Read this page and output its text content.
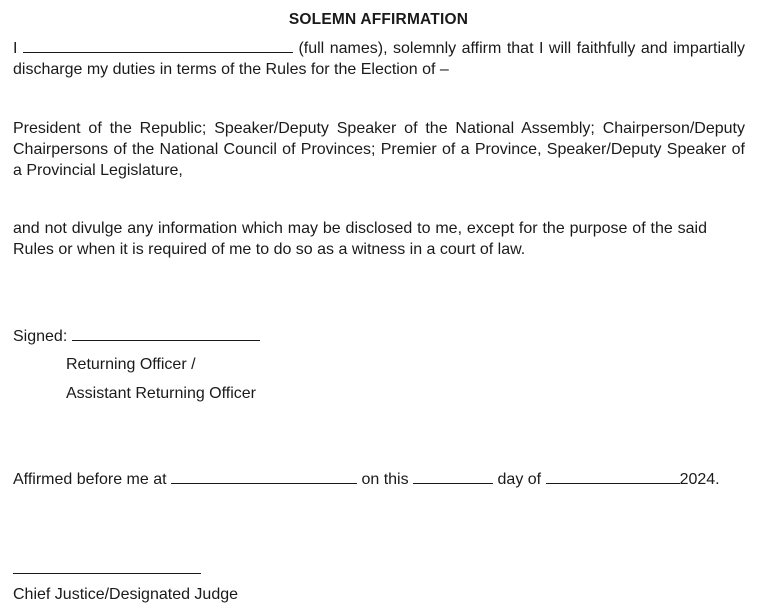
SOLEMN AFFIRMATION
I	(full names), solemnly affirm that I will faithfully and impartially
discharge my duties in terms of the Rules for the Election of –
President of the Republic; Speaker/Deputy Speaker of the National Assembly; Chairperson/Deputy
Chairpersons of the National Council of Provinces; Premier of a Province, Speaker/Deputy Speaker of
a Provincial Legislature,
and not divulge any information which may be disclosed to me, except for the purpose of the said
Rules or when it is required of me to do so as a witness in a court of law.
Signed:
Returning Officer /
Assistant Returning Officer
Affirmed before me at	on this	day of	2024.
Chief Justice/Designated Judge
